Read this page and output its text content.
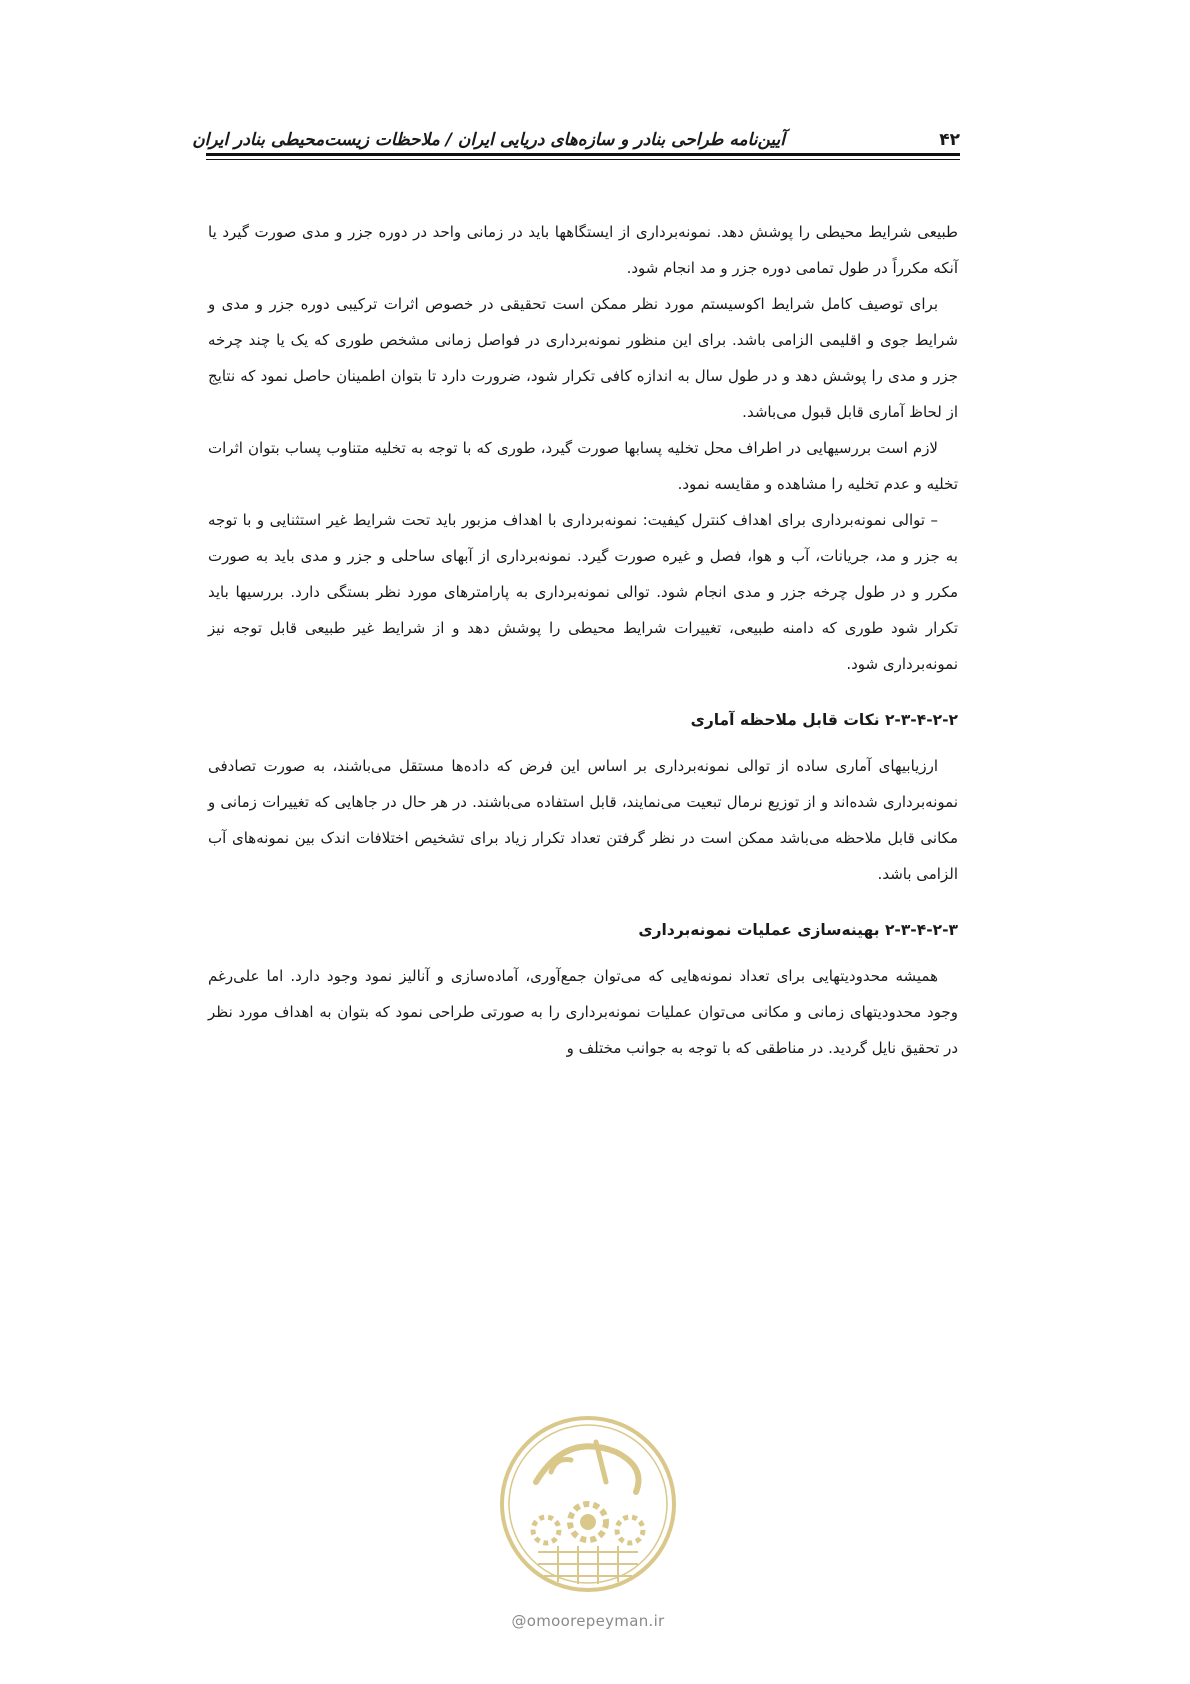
۴۲
آیین‌نامه طراحی بنادر و سازه‌های دریایی ایران / ملاحظات زیست‌محیطی بنادر ایران

طبیعی شرایط محیطی را پوشش دهد. نمونه‌برداری از ایستگاهها باید در زمانی واحد در دوره جزر و مدی صورت گیرد یا آنکه مکرراً در طول تمامی دوره جزر و مد انجام شود.

برای توصیف کامل شرایط اکوسیستم مورد نظر ممکن است تحقیقی در خصوص اثرات ترکیبی دوره جزر و مدی و شرایط جوی و اقلیمی الزامی باشد. برای این منظور نمونه‌برداری در فواصل زمانی مشخص طوری که یک یا چند چرخه جزر و مدی را پوشش دهد و در طول سال به اندازه کافی تکرار شود، ضرورت دارد تا بتوان اطمینان حاصل نمود که نتایج از لحاظ آماری قابل قبول می‌باشد.

لازم است بررسیهایی در اطراف محل تخلیه پسابها صورت گیرد، طوری که با توجه به تخلیه متناوب پساب بتوان اثرات تخلیه و عدم تخلیه را مشاهده و مقایسه نمود.

– توالی نمونه‌برداری برای اهداف کنترل کیفیت: نمونه‌برداری با اهداف مزبور باید تحت شرایط غیر استثنایی و با توجه به جزر و مد، جریانات، آب و هوا، فصل و غیره صورت گیرد. نمونه‌برداری از آبهای ساحلی و جزر و مدی باید به صورت مکرر و در طول چرخه جزر و مدی انجام شود. توالی نمونه‌برداری به پارامترهای مورد نظر بستگی دارد. بررسیها باید تکرار شود طوری که دامنه طبیعی، تغییرات شرایط محیطی را پوشش دهد و از شرایط غیر طبیعی قابل توجه نیز نمونه‌برداری شود.

۲-۳-۴-۲-۲ نکات قابل ملاحظه آماری

ارزیابیهای آماری ساده از توالی نمونه‌برداری بر اساس این فرض که داده‌ها مستقل می‌باشند، به صورت تصادفی نمونه‌برداری شده‌اند و از توزیع نرمال تبعیت می‌نمایند، قابل استفاده می‌باشند. در هر حال در جاهایی که تغییرات زمانی و مکانی قابل ملاحظه می‌باشد ممکن است در نظر گرفتن تعداد تکرار زیاد برای تشخیص اختلافات اندک بین نمونه‌های آب الزامی باشد.

۲-۳-۴-۲-۳ بهینه‌سازی عملیات نمونه‌برداری

همیشه محدودیتهایی برای تعداد نمونه‌هایی که می‌توان جمع‌آوری، آماده‌سازی و آنالیز نمود وجود دارد. اما علی‌رغم وجود محدودیتهای زمانی و مکانی می‌توان عملیات نمونه‌برداری را به صورتی طراحی نمود که بتوان به اهداف مورد نظر در تحقیق نایل گردید. در مناطقی که با توجه به جوانب مختلف و

@omoorepeyman.ir
